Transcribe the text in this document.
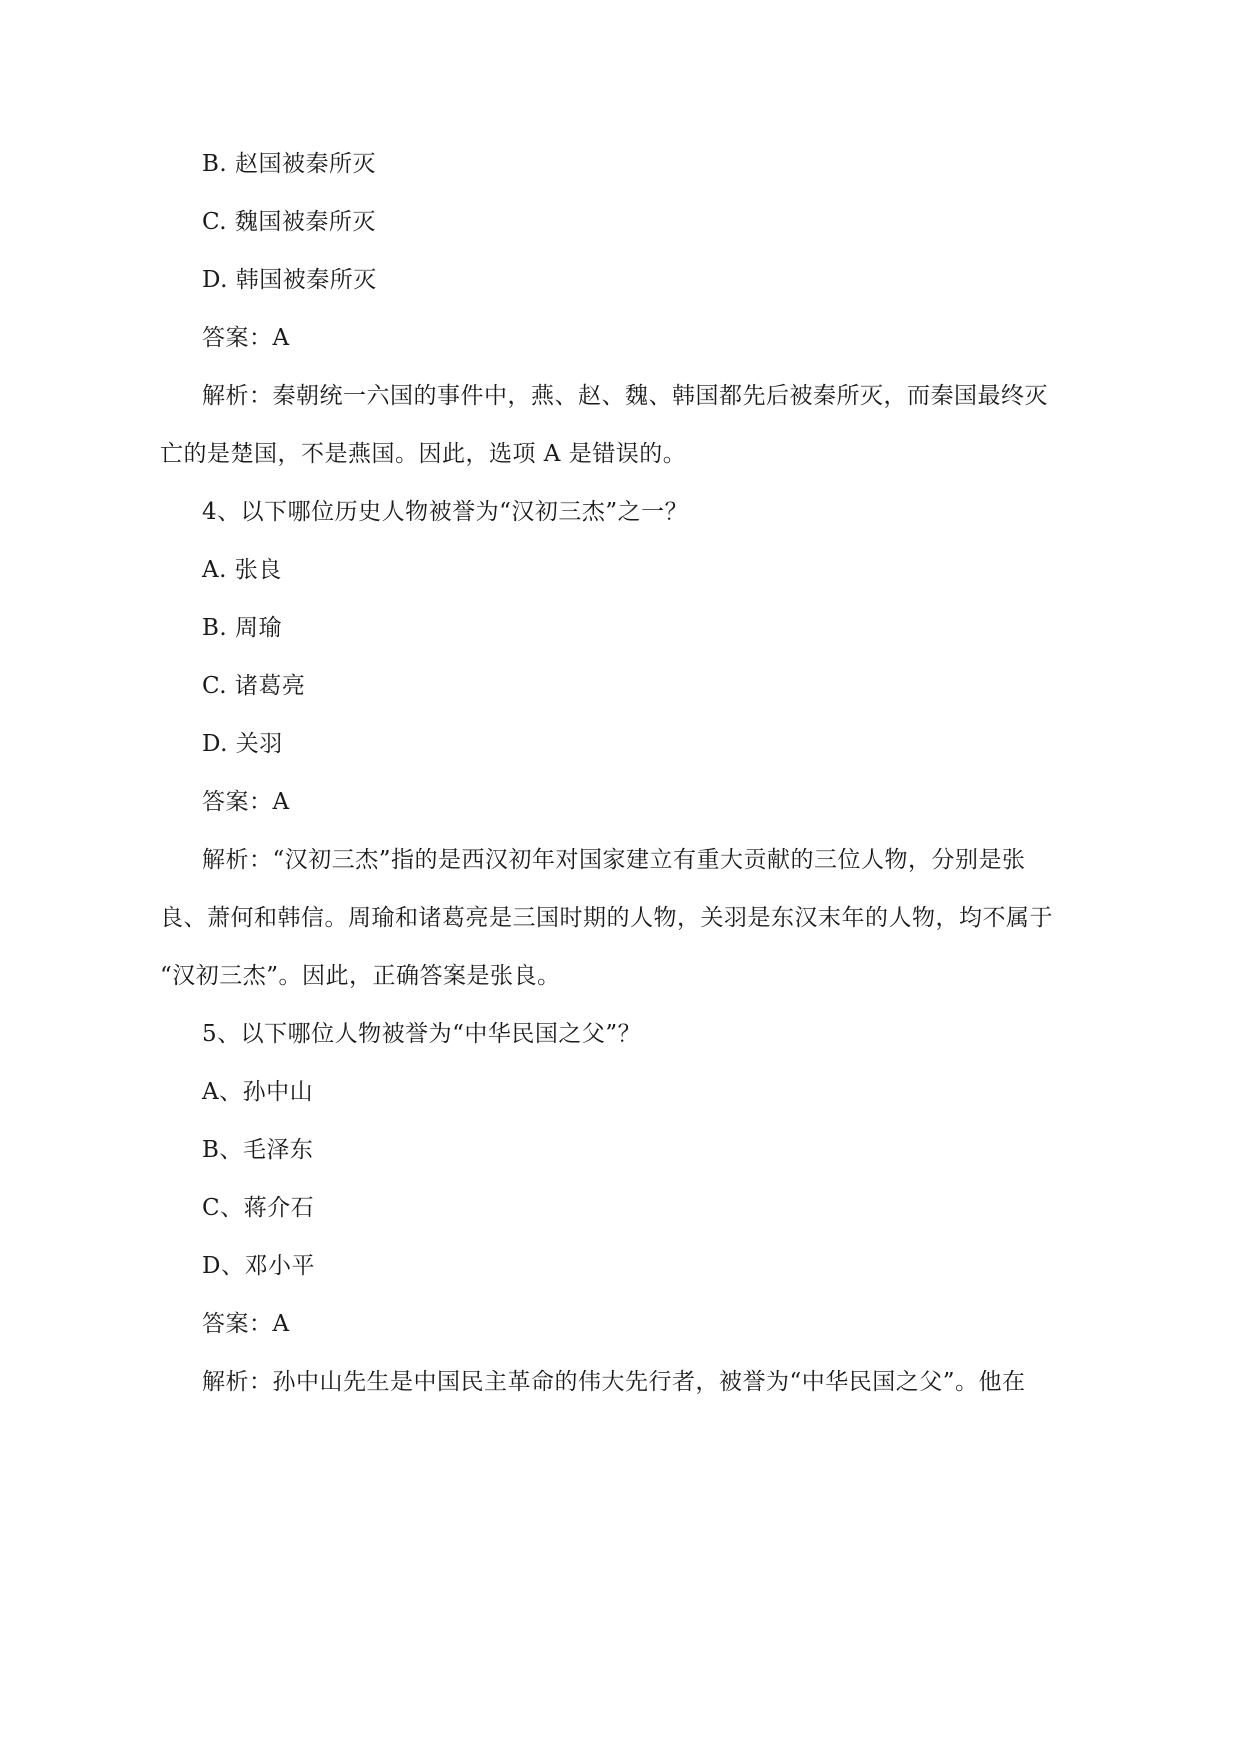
B. 赵国被秦所灭
C. 魏国被秦所灭
D. 韩国被秦所灭
答案：A
解析：秦朝统一六国的事件中，燕、赵、魏、韩国都先后被秦所灭，而秦国最终灭
亡的是楚国，不是燕国。因此，选项 A 是错误的。
4、以下哪位历史人物被誉为“汉初三杰”之一？
A. 张良
B. 周瑜
C. 诸葛亮
D. 关羽
答案：A
解析：“汉初三杰”指的是西汉初年对国家建立有重大贡献的三位人物，分别是张
良、萧何和韩信。周瑜和诸葛亮是三国时期的人物，关羽是东汉末年的人物，均不属于
“汉初三杰”。因此，正确答案是张良。
5、以下哪位人物被誉为“中华民国之父”？
A、孙中山
B、毛泽东
C、蒋介石
D、邓小平
答案：A
解析：孙中山先生是中国民主革命的伟大先行者，被誉为“中华民国之父”。他在
